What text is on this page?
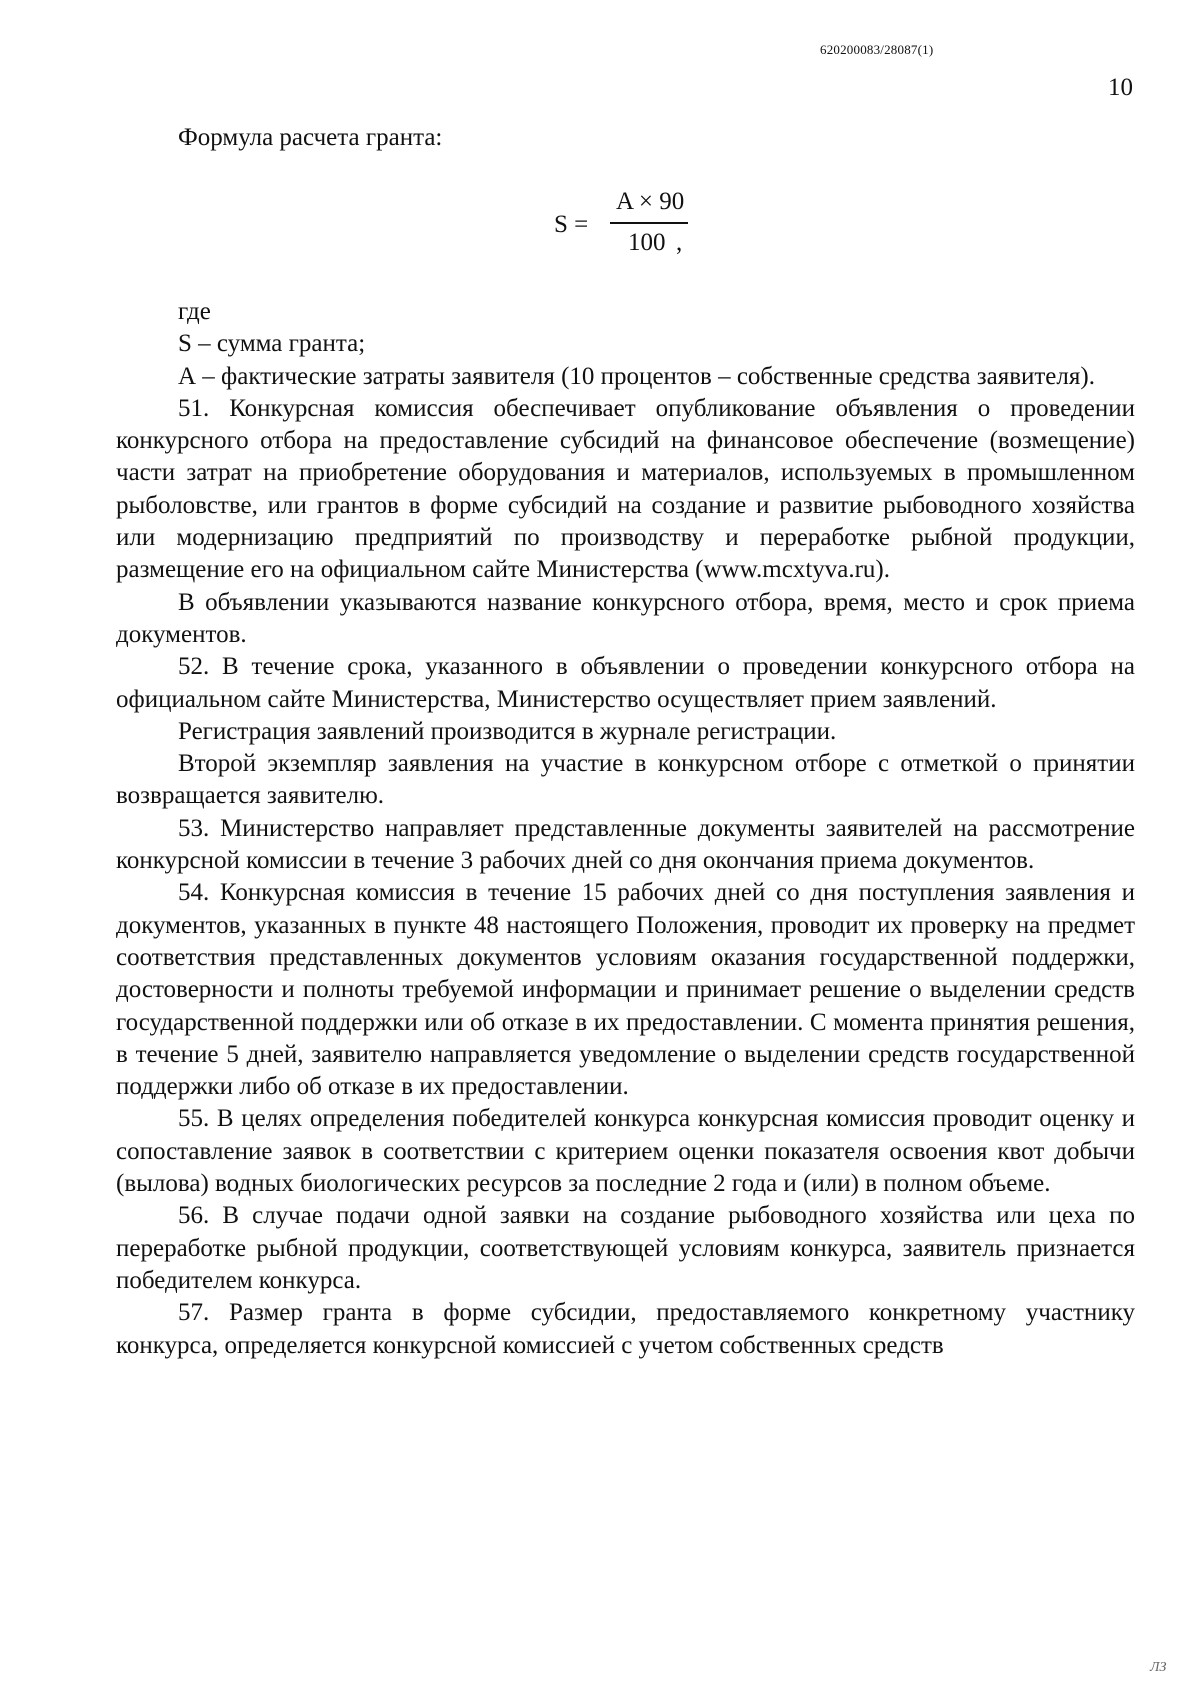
620200083/28087(1)
10
Формула расчета гранта:
S =
A × 90
100 ,

где

S – сумма гранта;

А – фактические затраты заявителя (10 процентов – собственные средства заявителя).

51. Конкурсная комиссия обеспечивает опубликование объявления о проведении конкурсного отбора на предоставление субсидий на финансовое обеспечение (возмещение) части затрат на приобретение оборудования и материалов, используемых в промышленном рыболовстве, или грантов в форме субсидий на создание и развитие рыбоводного хозяйства или модернизацию предприятий по производству и переработке рыбной продукции, размещение его на официальном сайте Министерства (www.mcxtyva.ru).

В объявлении указываются название конкурсного отбора, время, место и срок приема документов.

52. В течение срока, указанного в объявлении о проведении конкурсного отбора на официальном сайте Министерства, Министерство осуществляет прием заявлений.

Регистрация заявлений производится в журнале регистрации.

Второй экземпляр заявления на участие в конкурсном отборе с отметкой о принятии возвращается заявителю.

53. Министерство направляет представленные документы заявителей на рассмотрение конкурсной комиссии в течение 3 рабочих дней со дня окончания приема документов.

54. Конкурсная комиссия в течение 15 рабочих дней со дня поступления заявления и документов, указанных в пункте 48 настоящего Положения, проводит их проверку на предмет соответствия представленных документов условиям оказания государственной поддержки, достоверности и полноты требуемой информации и принимает решение о выделении средств государственной поддержки или об отказе в их предоставлении. С момента принятия решения, в течение 5 дней, заявителю направляется уведомление о выделении средств государственной поддержки либо об отказе в их предоставлении.

55. В целях определения победителей конкурса конкурсная комиссия проводит оценку и сопоставление заявок в соответствии с критерием оценки показателя освоения квот добычи (вылова) водных биологических ресурсов за последние 2 года и (или) в полном объеме.

56. В случае подачи одной заявки на создание рыбоводного хозяйства или цеха по переработке рыбной продукции, соответствующей условиям конкурса, заявитель признается победителем конкурса.

57. Размер гранта в форме субсидии, предоставляемого конкретному участнику конкурса, определяется конкурсной комиссией с учетом собственных средств

ЛЗ
